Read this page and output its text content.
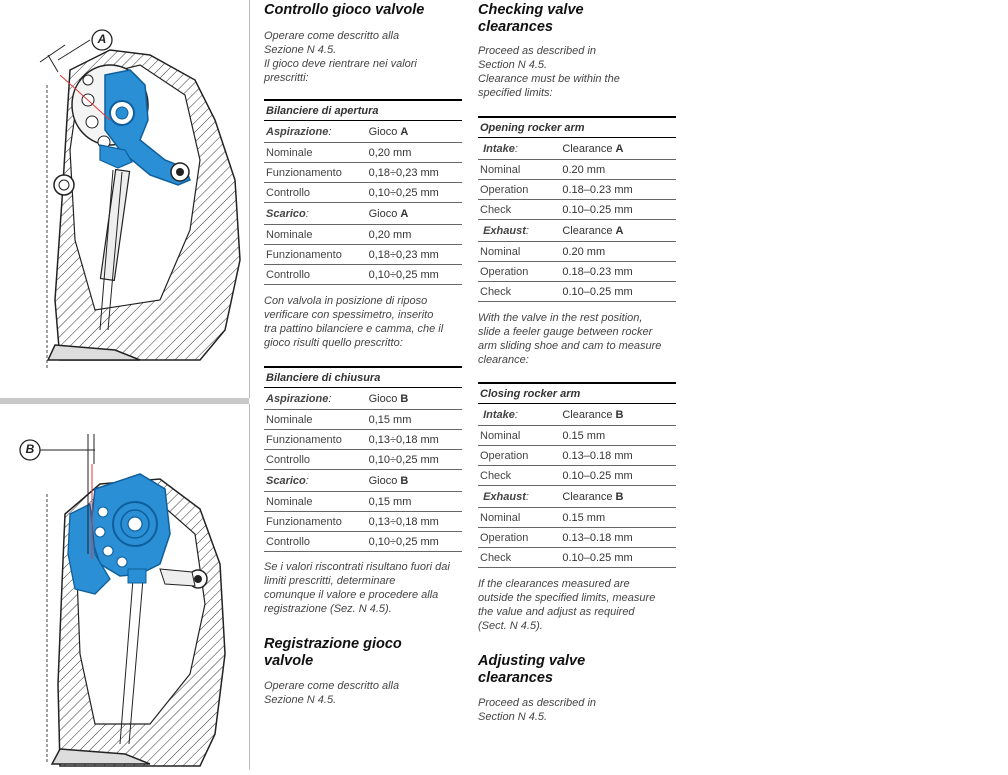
A
B
Controllo gioco valvole

Operare come descritto alla

Sezione N 4.5.

Il gioco deve rientrare nei valori

prescritti:

Bilanciere di apertura	
Aspirazione:	Gioco A
Nominale	0,20 mm
Funzionamento	0,18÷0,23 mm
Controllo	0,10÷0,25 mm
Scarico:	Gioco A
Nominale	0,20 mm
Funzionamento	0,18÷0,23 mm
Controllo	0,10÷0,25 mm

Con valvola in posizione di riposo

verificare con spessimetro, inserito

tra pattino bilanciere e camma, che il

gioco risulti quello prescritto:

Bilanciere di chiusura	
Aspirazione:	Gioco B
Nominale	0,15 mm
Funzionamento	0,13÷0,18 mm
Controllo	0,10÷0,25 mm
Scarico:	Gioco B
Nominale	0,15 mm
Funzionamento	0,13÷0,18 mm
Controllo	0,10÷0,25 mm

Se i valori riscontrati risultano fuori dai

limiti prescritti, determinare

comunque il valore e procedere alla

registrazione (Sez. N 4.5).

Registrazione gioco
valvole

Operare come descritto alla

Sezione N 4.5.

Checking valve
clearances

Proceed as described in

Section N 4.5.

Clearance must be within the

specified limits:

Opening rocker arm	
Intake:	Clearance A
Nominal	0.20 mm
Operation	0.18–0.23 mm
Check	0.10–0.25 mm
Exhaust:	Clearance A
Nominal	0.20 mm
Operation	0.18–0.23 mm
Check	0.10–0.25 mm

With the valve in the rest position,

slide a feeler gauge between rocker

arm sliding shoe and cam to measure

clearance:

Closing rocker arm	
Intake:	Clearance B
Nominal	0.15 mm
Operation	0.13–0.18 mm
Check	0.10–0.25 mm
Exhaust:	Clearance B
Nominal	0.15 mm
Operation	0.13–0.18 mm
Check	0.10–0.25 mm

If the clearances measured are

outside the specified limits, measure

the value and adjust as required

(Sect. N 4.5).

Adjusting valve
clearances

Proceed as described in

Section N 4.5.
